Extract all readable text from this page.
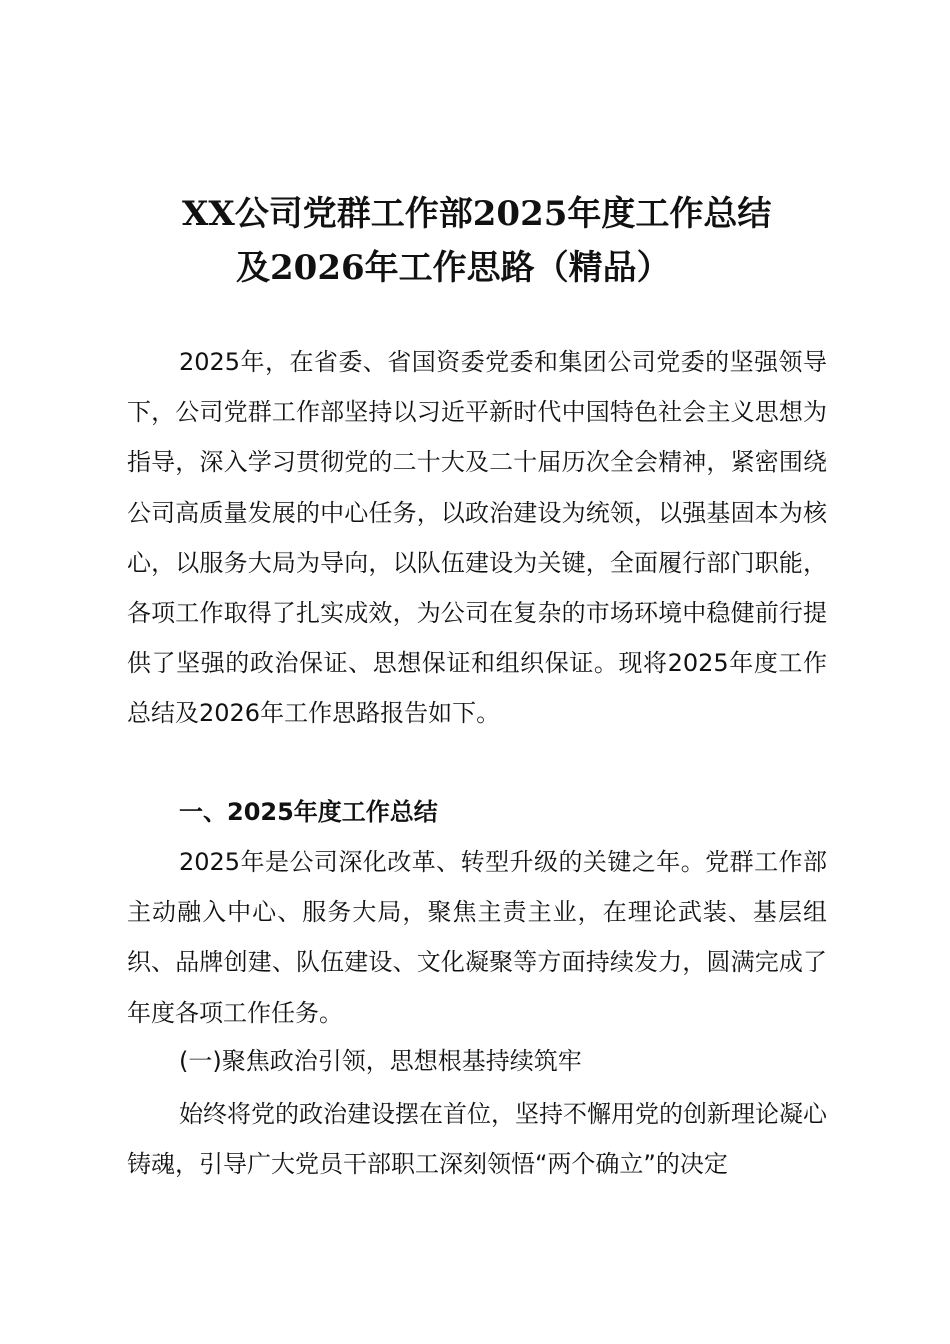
XX公司党群工作部2025年度工作总结
及2026年工作思路（精品）
2025年，在省委、省国资委党委和集团公司党委的坚强领导下，公司党群工作部坚持以习近平新时代中国特色社会主义思想为指导，深入学习贯彻党的二十大及二十届历次全会精神，紧密围绕公司高质量发展的中心任务，以政治建设为统领，以强基固本为核心，以服务大局为导向，以队伍建设为关键，全面履行部门职能，各项工作取得了扎实成效，为公司在复杂的市场环境中稳健前行提供了坚强的政治保证、思想保证和组织保证。现将2025年度工作总结及2026年工作思路报告如下。
一、2025年度工作总结
2025年是公司深化改革、转型升级的关键之年。党群工作部主动融入中心、服务大局，聚焦主责主业，在理论武装、基层组织、品牌创建、队伍建设、文化凝聚等方面持续发力，圆满完成了年度各项工作任务。
(一)聚焦政治引领，思想根基持续筑牢
始终将党的政治建设摆在首位，坚持不懈用党的创新理论凝心铸魂，引导广大党员干部职工深刻领悟“两个确立”的决定
